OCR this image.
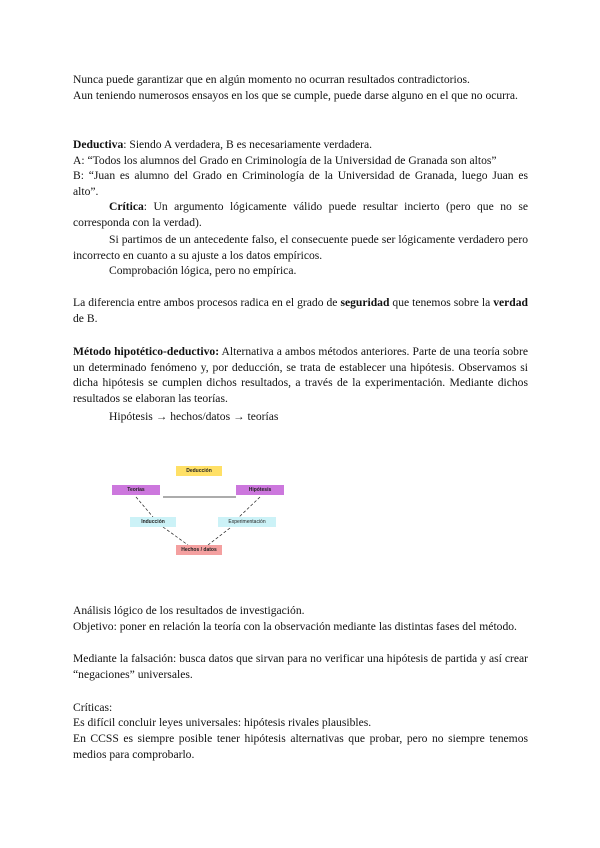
Nunca puede garantizar que en algún momento no ocurran resultados contradictorios.
Aun teniendo numerosos ensayos en los que se cumple, puede darse alguno en el que no ocurra.

Deductiva: Siendo A verdadera, B es necesariamente verdadera.

A: “Todos los alumnos del Grado en Criminología de la Universidad de Granada son altos”

B: “Juan es alumno del Grado en Criminología de la Universidad de Granada, luego Juan es alto”.

Crítica: Un argumento lógicamente válido puede resultar incierto (pero que no se corresponda con la verdad).

Si partimos de un antecedente falso, el consecuente puede ser lógicamente verdadero pero incorrecto en cuanto a su ajuste a los datos empíricos.

Comprobación lógica, pero no empírica.

La diferencia entre ambos procesos radica en el grado de seguridad que tenemos sobre la verdad de B.

Método hipotético-deductivo: Alternativa a ambos métodos anteriores. Parte de una teoría sobre un determinado fenómeno y, por deducción, se trata de establecer una hipótesis. Observamos si dicha hipótesis se cumplen dichos resultados, a través de la experimentación. Mediante dichos resultados se elaboran las teorías.

Hipótesis → hechos/datos → teorías

Deducción
Teorías	Hipótesis
Inducción	Experimentación
Hechos / datos

Análisis lógico de los resultados de investigación.

Objetivo: poner en relación la teoría con la observación mediante las distintas fases del método.

Mediante la falsación: busca datos que sirvan para no verificar una hipótesis de partida y así crear “negaciones” universales.

Críticas:

Es difícil concluir leyes universales: hipótesis rivales plausibles.

En CCSS es siempre posible tener hipótesis alternativas que probar, pero no siempre tenemos medios para comprobarlo.
